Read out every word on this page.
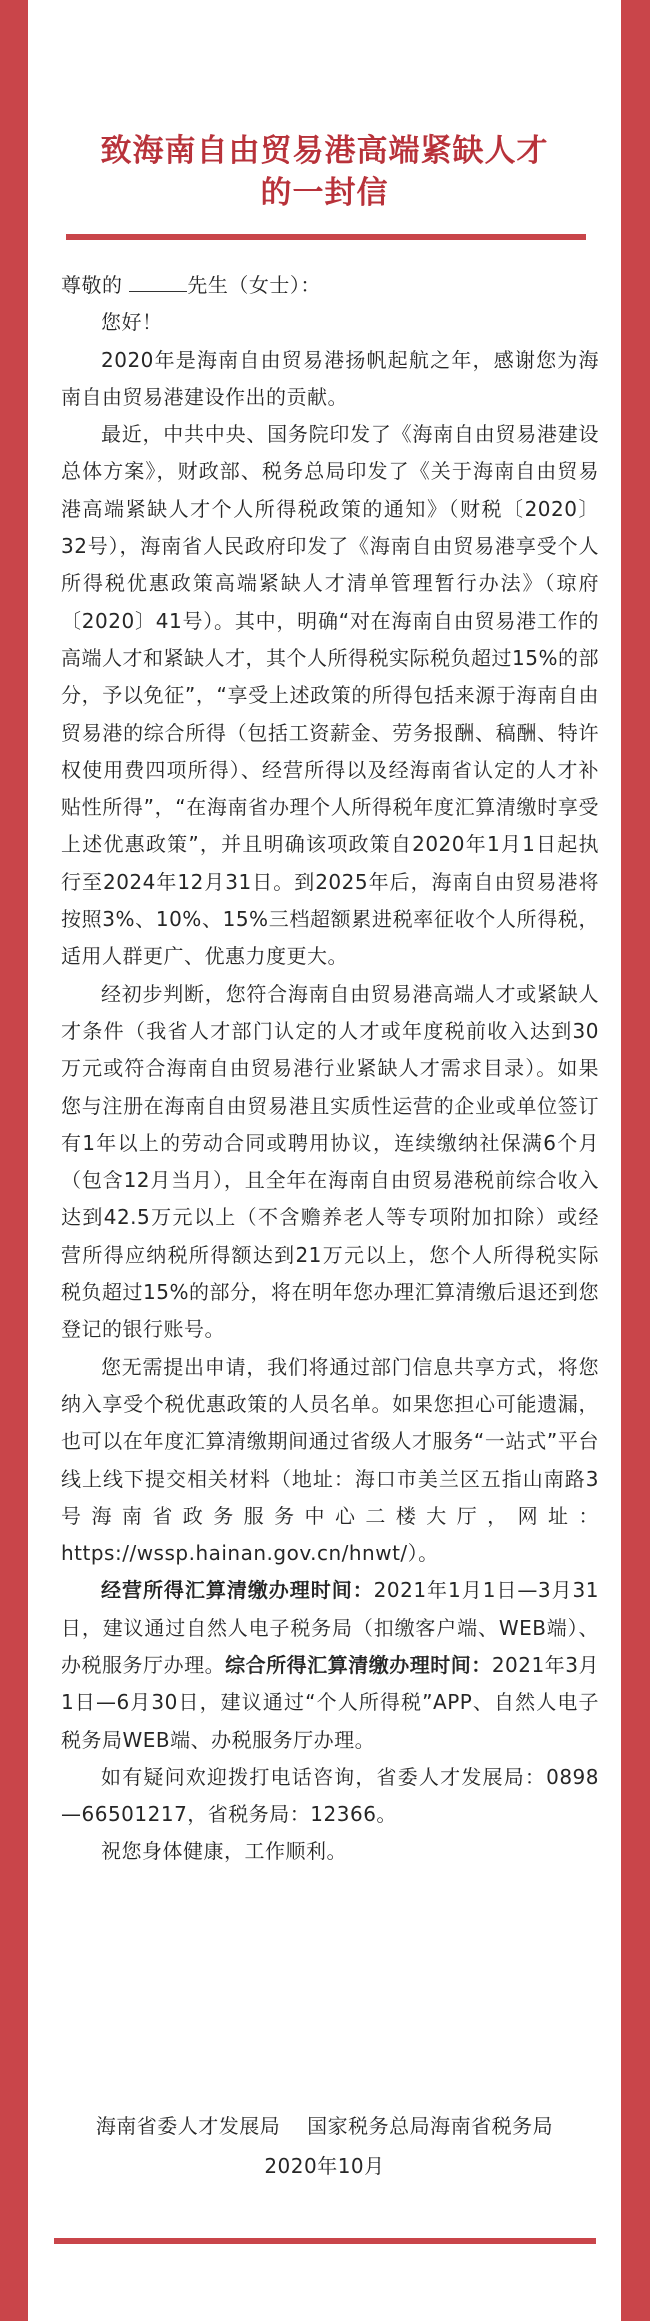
致海南自由贸易港高端紧缺人才
的一封信

尊敬的	先生（女士）：

您好！

2020年是海南自由贸易港扬帆起航之年，感谢您为海南自由贸易港建设作出的贡献。

最近，中共中央、国务院印发了《海南自由贸易港建设总体方案》，财政部、税务总局印发了《关于海南自由贸易港高端紧缺人才个人所得税政策的通知》（财税〔2020〕32号），海南省人民政府印发了《海南自由贸易港享受个人所得税优惠政策高端紧缺人才清单管理暂行办法》（琼府〔2020〕41号）。其中，明确“对在海南自由贸易港工作的高端人才和紧缺人才，其个人所得税实际税负超过15%的部分，予以免征”，“享受上述政策的所得包括来源于海南自由贸易港的综合所得（包括工资薪金、劳务报酬、稿酬、特许权使用费四项所得）、经营所得以及经海南省认定的人才补贴性所得”，“在海南省办理个人所得税年度汇算清缴时享受上述优惠政策”，并且明确该项政策自2020年1月1日起执行至2024年12月31日。到2025年后，海南自由贸易港将按照3%、10%、15%三档超额累进税率征收个人所得税，适用人群更广、优惠力度更大。

经初步判断，您符合海南自由贸易港高端人才或紧缺人才条件（我省人才部门认定的人才或年度税前收入达到30万元或符合海南自由贸易港行业紧缺人才需求目录）。如果您与注册在海南自由贸易港且实质性运营的企业或单位签订有1年以上的劳动合同或聘用协议，连续缴纳社保满6个月（包含12月当月），且全年在海南自由贸易港税前综合收入达到42.5万元以上（不含赡养老人等专项附加扣除）或经营所得应纳税所得额达到21万元以上，您个人所得税实际税负超过15%的部分，将在明年您办理汇算清缴后退还到您登记的银行账号。

您无需提出申请，我们将通过部门信息共享方式，将您纳入享受个税优惠政策的人员名单。如果您担心可能遗漏，也可以在年度汇算清缴期间通过省级人才服务“一站式”平台线上线下提交相关材料（地址：海口市美兰区五指山南路3号海南省政务服务中心二楼大厅，网址：https://wssp.hainan.gov.cn/hnwt/）。

经营所得汇算清缴办理时间：2021年1月1日—3月31日，建议通过自然人电子税务局（扣缴客户端、WEB端）、办税服务厅办理。综合所得汇算清缴办理时间：2021年3月1日—6月30日，建议通过“个人所得税”APP、自然人电子税务局WEB端、办税服务厅办理。

如有疑问欢迎拨打电话咨询，省委人才发展局：0898—66501217，省税务局：12366。

祝您身体健康，工作顺利。

海南省委人才发展局 国家税务总局海南省税务局
2020年10月
